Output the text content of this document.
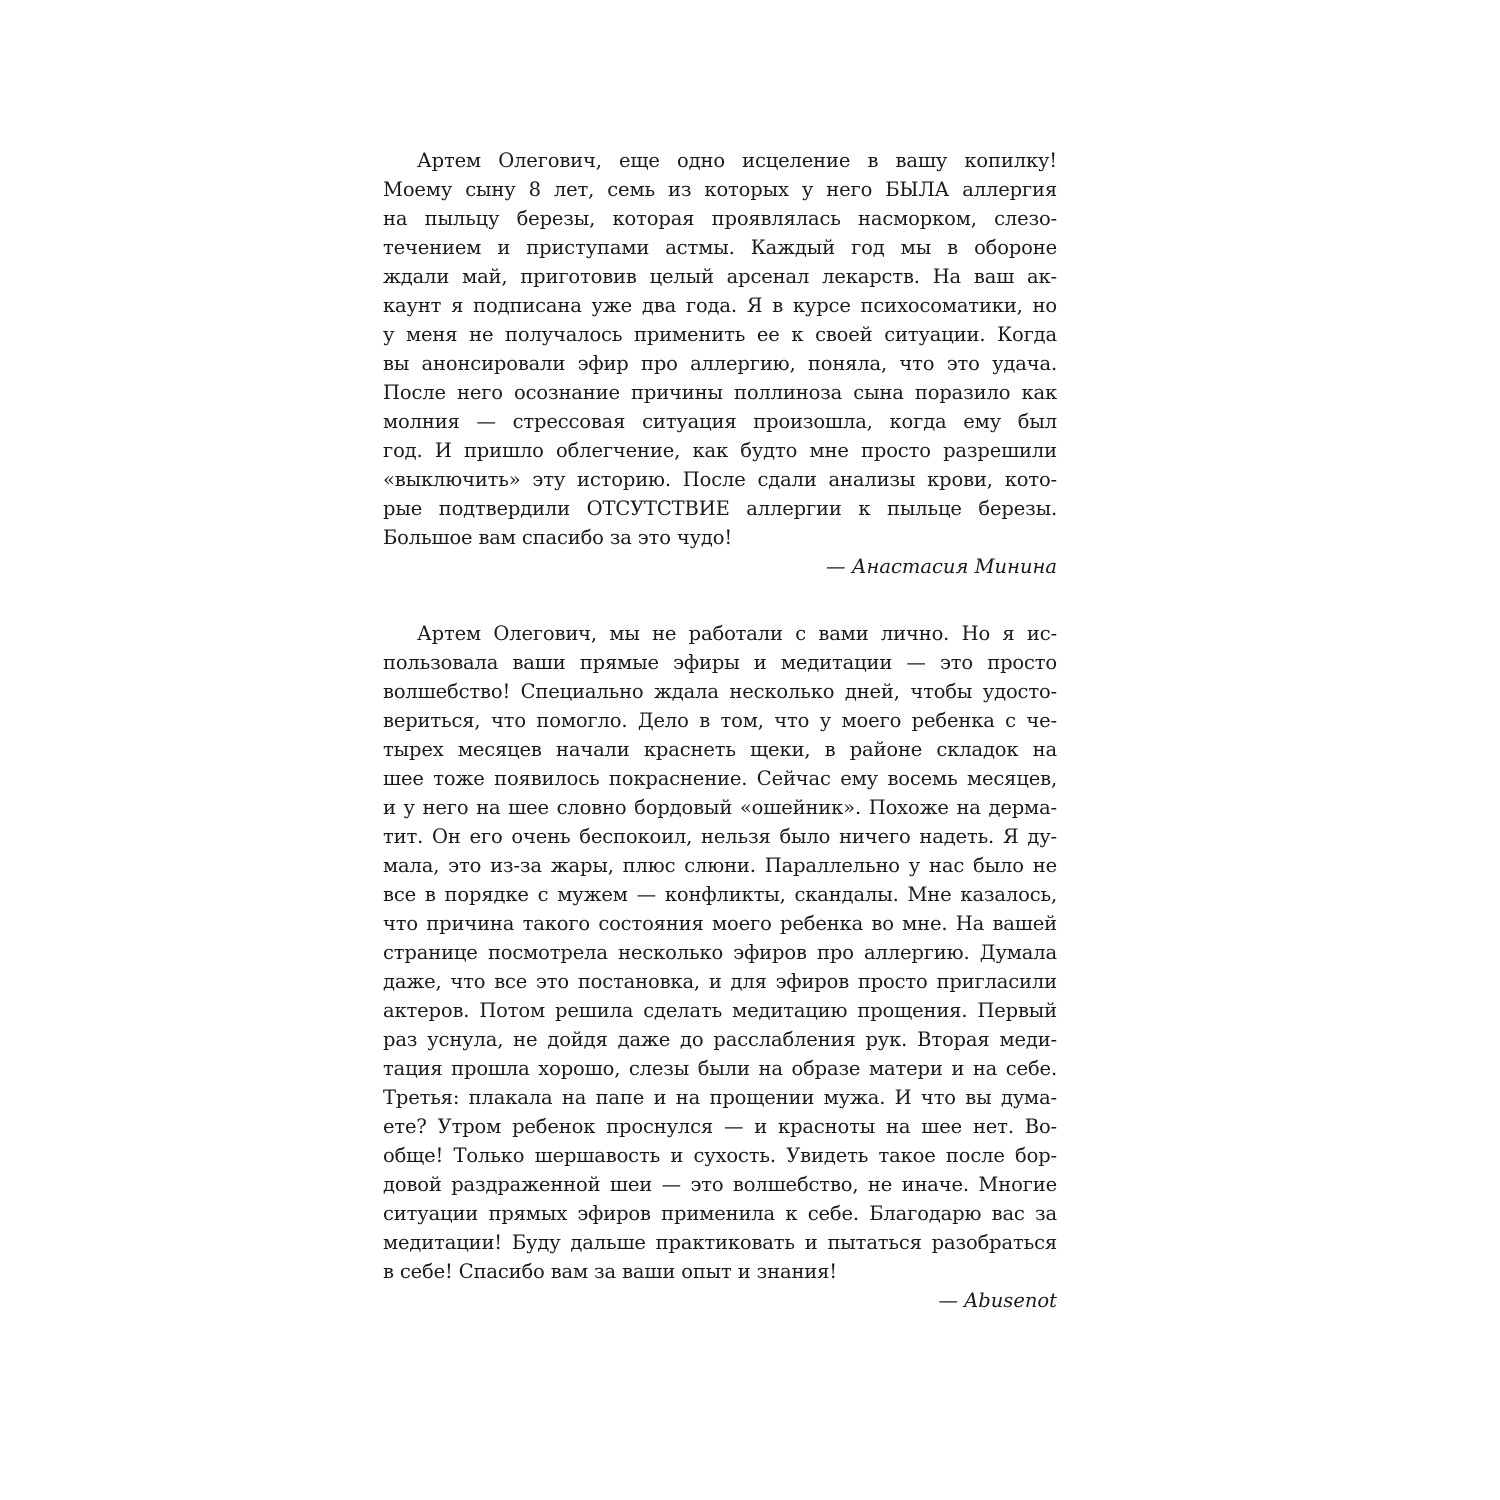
Артем Олегович, еще одно исцеление в вашу копилку!
Моему сыну 8 лет, семь из которых у него БЫЛА аллергия
на пыльцу березы, которая проявлялась насморком, слезо-
течением и приступами астмы. Каждый год мы в обороне
ждали май, приготовив целый арсенал лекарств. На ваш ак-
каунт я подписана уже два года. Я в курсе психосоматики, но
у меня не получалось применить ее к своей ситуации. Когда
вы анонсировали эфир про аллергию, поняла, что это удача.
После него осознание причины поллиноза сына поразило как
молния — стрессовая ситуация произошла, когда ему был
год. И пришло облегчение, как будто мне просто разрешили
«выключить» эту историю. После сдали анализы крови, кото-
рые подтвердили ОТСУТСТВИЕ аллергии к пыльце березы.
Большое вам спасибо за это чудо!
— Анастасия Минина
Артем Олегович, мы не работали с вами лично. Но я ис-
пользовала ваши прямые эфиры и медитации — это просто
волшебство! Специально ждала несколько дней, чтобы удосто-
вериться, что помогло. Дело в том, что у моего ребенка с че-
тырех месяцев начали краснеть щеки, в районе складок на
шее тоже появилось покраснение. Сейчас ему восемь месяцев,
и у него на шее словно бордовый «ошейник». Похоже на дерма-
тит. Он его очень беспокоил, нельзя было ничего надеть. Я ду-
мала, это из-за жары, плюс слюни. Параллельно у нас было не
все в порядке с мужем — конфликты, скандалы. Мне казалось,
что причина такого состояния моего ребенка во мне. На вашей
странице посмотрела несколько эфиров про аллергию. Думала
даже, что все это постановка, и для эфиров просто пригласили
актеров. Потом решила сделать медитацию прощения. Первый
раз уснула, не дойдя даже до расслабления рук. Вторая меди-
тация прошла хорошо, слезы были на образе матери и на себе.
Третья: плакала на папе и на прощении мужа. И что вы дума-
ете? Утром ребенок проснулся — и красноты на шее нет. Во-
обще! Только шершавость и сухость. Увидеть такое после бор-
довой раздраженной шеи — это волшебство, не иначе. Многие
ситуации прямых эфиров применила к себе. Благодарю вас за
медитации! Буду дальше практиковать и пытаться разобраться
в себе! Спасибо вам за ваши опыт и знания!
— Abusenot
